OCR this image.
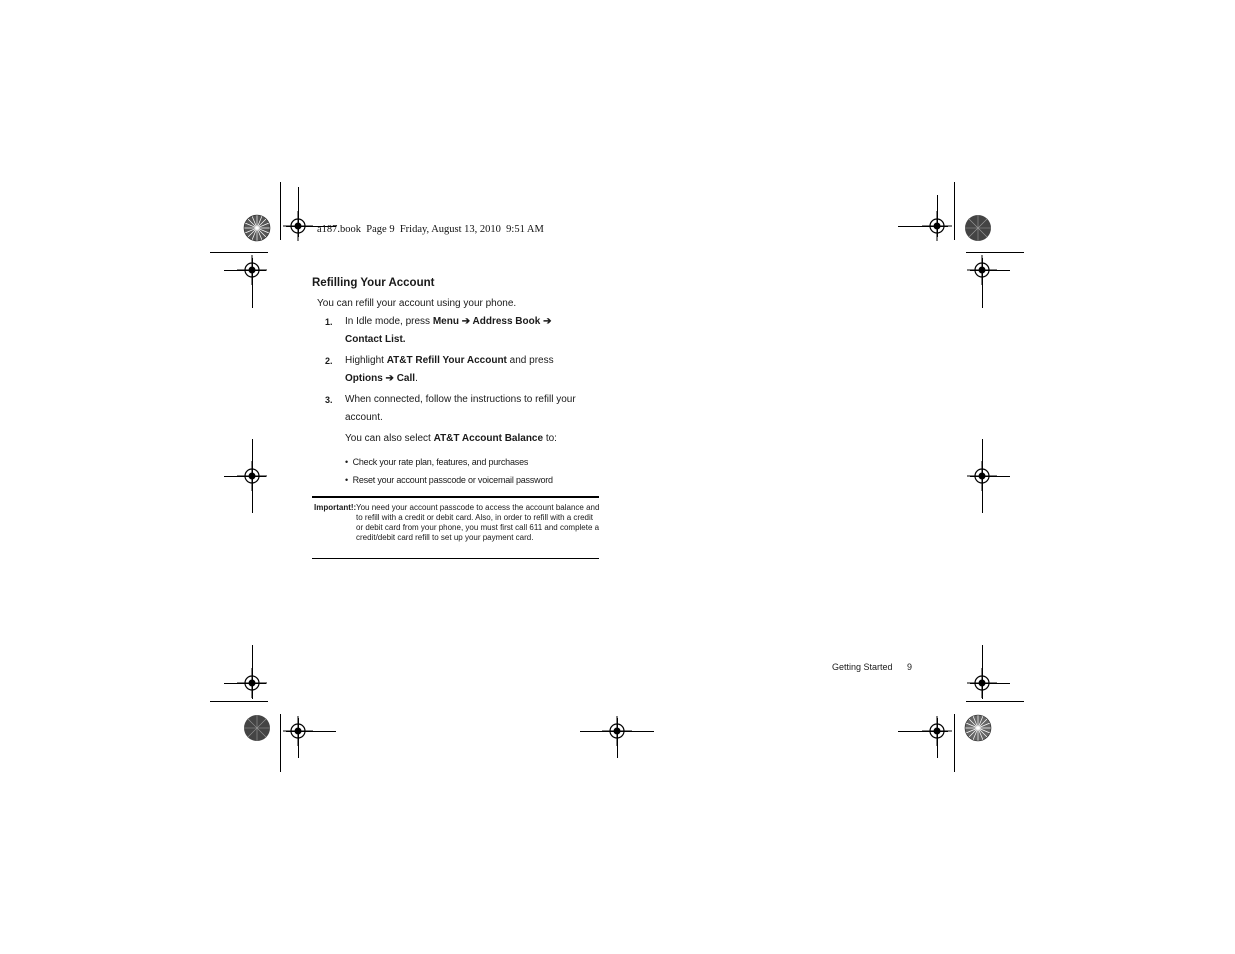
a187.book  Page 9  Friday, August 13, 2010  9:51 AM
Refilling Your Account
You can refill your account using your phone.
1. In Idle mode, press Menu ➔ Address Book ➔
Contact List.
2. Highlight AT&T Refill Your Account and press
Options ➔ Call.
3. When connected, follow the instructions to refill your
account.
You can also select AT&T Account Balance to:
•  Check your rate plan, features, and purchases
•  Reset your account passcode or voicemail password
Important!: You need your account passcode to access the account balance and to refill with a credit or debit card. Also, in order to refill with a credit or debit card from your phone, you must first call 611 and complete a credit/debit card refill to set up your payment card.
Getting Started 9
